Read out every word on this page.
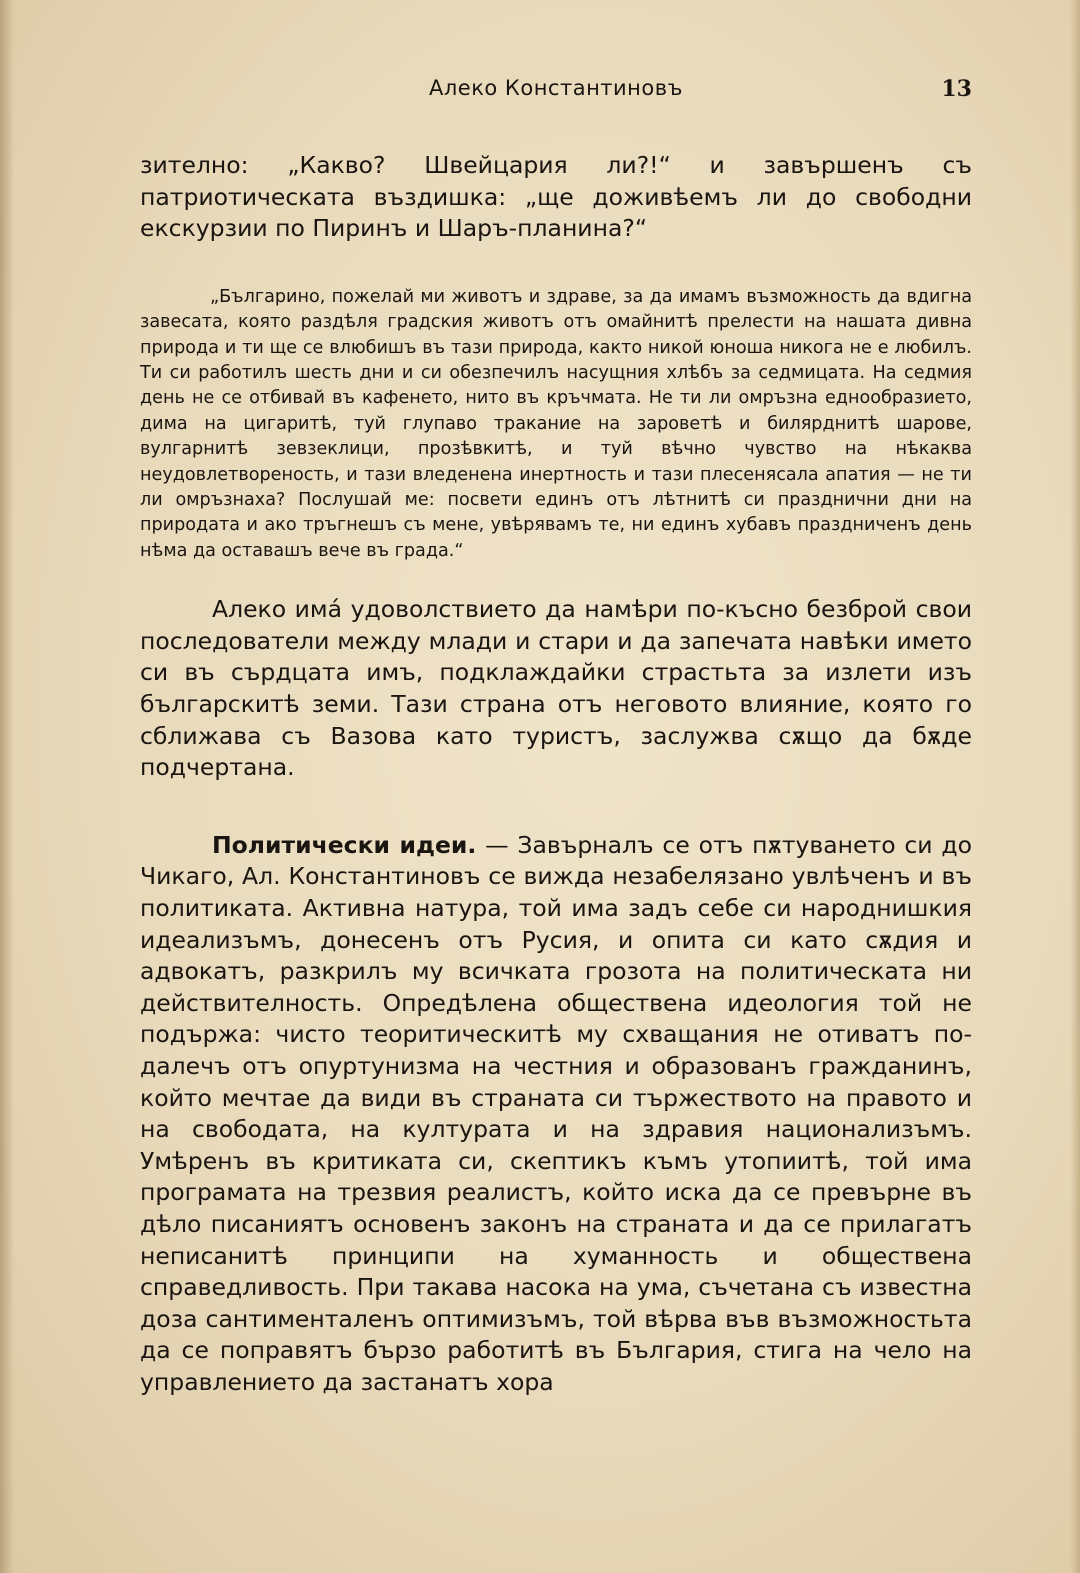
Алеко Константиновъ	13

зително: „Какво? Швейцария ли?!“ и завършенъ съ патриотическата въздишка: „ще доживѣемъ ли до свободни екскурзии по Пиринъ и Шаръ-планина?“

„Българино, пожелай ми животъ и здраве, за да имамъ възможность да вдигна завесата, която раздѣля градския животъ отъ омайнитѣ прелести на нашата дивна природа и ти ще се влюбишъ въ тази природа, както никой юноша никога не е любилъ. Ти си работилъ шесть дни и си обезпечилъ насущния хлѣбъ за седмицата. На седмия день не се отбивай въ кафенето, нито въ кръчмата. Не ти ли омръзна еднообразието, дима на цигаритѣ, туй глупаво тракание на зароветѣ и билярднитѣ шарове, вулгарнитѣ зевзеклици, прозѣвкитѣ, и туй вѣчно чувство на нѣкаква неудовлетвореность, и тази вледенена инертность и тази плесенясала апатия — не ти ли омръзнаха? Послушай ме: посвети единъ отъ лѣтнитѣ си празднични дни на природата и ако тръгнешъ съ мене, увѣрявамъ те, ни единъ хубавъ праздниченъ день нѣма да оставашъ вече въ града.“

Алеко имá удоволствието да намѣри по-късно безброй свои последователи между млади и стари и да запечата навѣки името си въ сърдцата имъ, подклаждайки страстьта за излети изъ българскитѣ земи. Тази страна отъ неговото влияние, която го сближава съ Вазова като туристъ, заслужва сѫщо да бѫде подчертана.

Политически идеи. — Завърналъ се отъ пѫтуването си до Чикаго, Ал. Константиновъ се вижда незабелязано увлѣченъ и въ политиката. Активна натура, той има задъ себе си народнишкия идеализъмъ, донесенъ отъ Русия, и опита си като сѫдия и адвокатъ, разкрилъ му всичката грозота на политическата ни действителность. Опредѣлена обществена идеология той не подържа: чисто теоритическитѣ му схващания не отиватъ по-далечъ отъ опуртунизма на честния и образованъ гражданинъ, който мечтае да види въ страната си тържеството на правото и на свободата, на културата и на здравия национализъмъ. Умѣренъ въ критиката си, скептикъ къмъ утопиитѣ, той има програмата на трезвия реалистъ, който иска да се превърне въ дѣло писаниятъ основенъ законъ на страната и да се прилагатъ неписанитѣ принципи на хуманность и обществена справедливость. При такава насока на ума, съчетана съ известна доза сантименталенъ оптимизъмъ, той вѣрва във възможностьта да се поправятъ бързо работитѣ въ България, стига на чело на управлението да застанатъ хора
